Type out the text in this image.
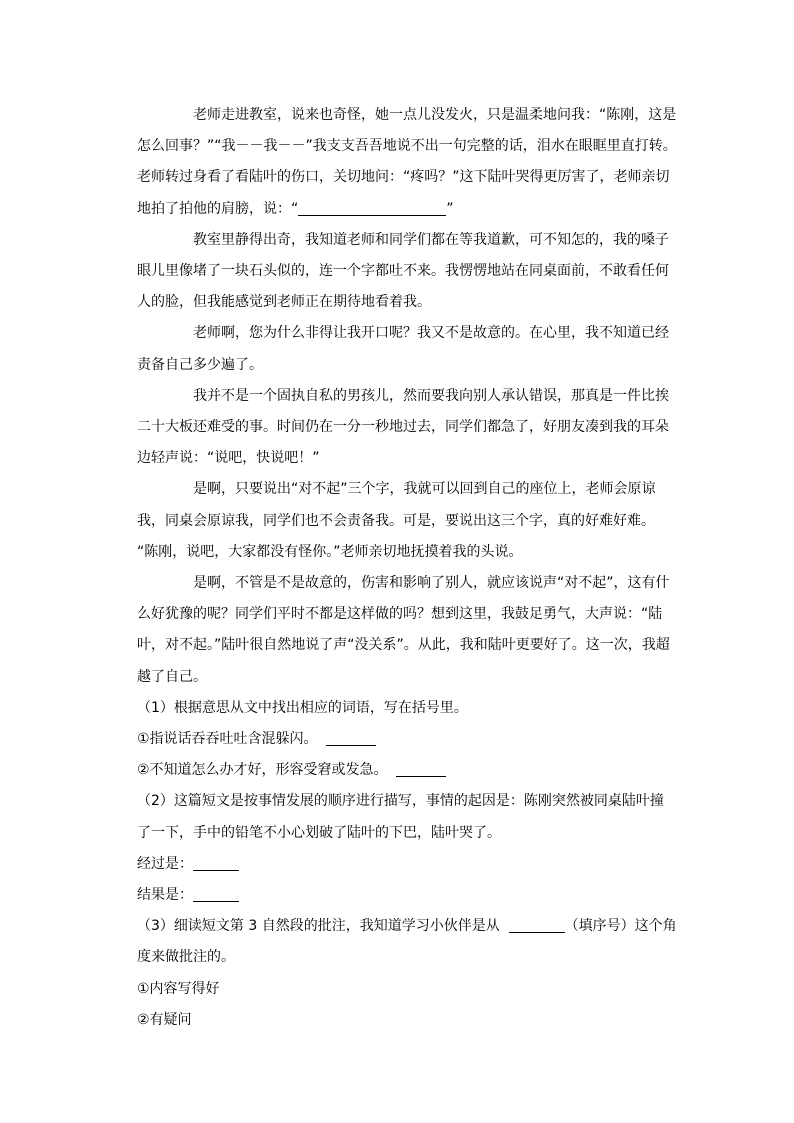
老师走进教室，说来也奇怪，她一点儿没发火，只是温柔地问我：“陈刚，这是怎么回事？”“我－－我－－”我支支吾吾地说不出一句完整的话，泪水在眼眶里直打转。老师转过身看了看陆叶的伤口，关切地问：“疼吗？”这下陆叶哭得更厉害了，老师亲切地拍了拍他的肩膀，说：“	”

教室里静得出奇，我知道老师和同学们都在等我道歉，可不知怎的，我的嗓子眼儿里像堵了一块石头似的，连一个字都吐不来。我愣愣地站在同桌面前，不敢看任何人的脸，但我能感觉到老师正在期待地看着我。

老师啊，您为什么非得让我开口呢？我又不是故意的。在心里，我不知道已经责备自己多少遍了。

我并不是一个固执自私的男孩儿，然而要我向别人承认错误，那真是一件比挨二十大板还难受的事。时间仍在一分一秒地过去，同学们都急了，好朋友凑到我的耳朵边轻声说：“说吧，快说吧！”

是啊，只要说出“对不起”三个字，我就可以回到自己的座位上，老师会原谅我，同桌会原谅我，同学们也不会责备我。可是，要说出这三个字，真的好难好难。

“陈刚，说吧，大家都没有怪你。”老师亲切地抚摸着我的头说。

是啊，不管是不是故意的，伤害和影响了别人，就应该说声“对不起”，这有什么好犹豫的呢？同学们平时不都是这样做的吗？想到这里，我鼓足勇气，大声说：“陆叶，对不起。”陆叶很自然地说了声“没关系”。从此，我和陆叶更要好了。这一次，我超越了自己。

（1）根据意思从文中找出相应的词语，写在括号里。

①指说话吞吞吐吐含混躲闪。

②不知道怎么办才好，形容受窘或发急。

（2）这篇短文是按事情发展的顺序进行描写，事情的起因是：陈刚突然被同桌陆叶撞了一下，手中的铅笔不小心划破了陆叶的下巴，陆叶哭了。

经过是：

结果是：

（3）细读短文第 3 自然段的批注，我知道学习小伙伴是从	（填序号）这个角度来做批注的。

①内容写得好

②有疑问
